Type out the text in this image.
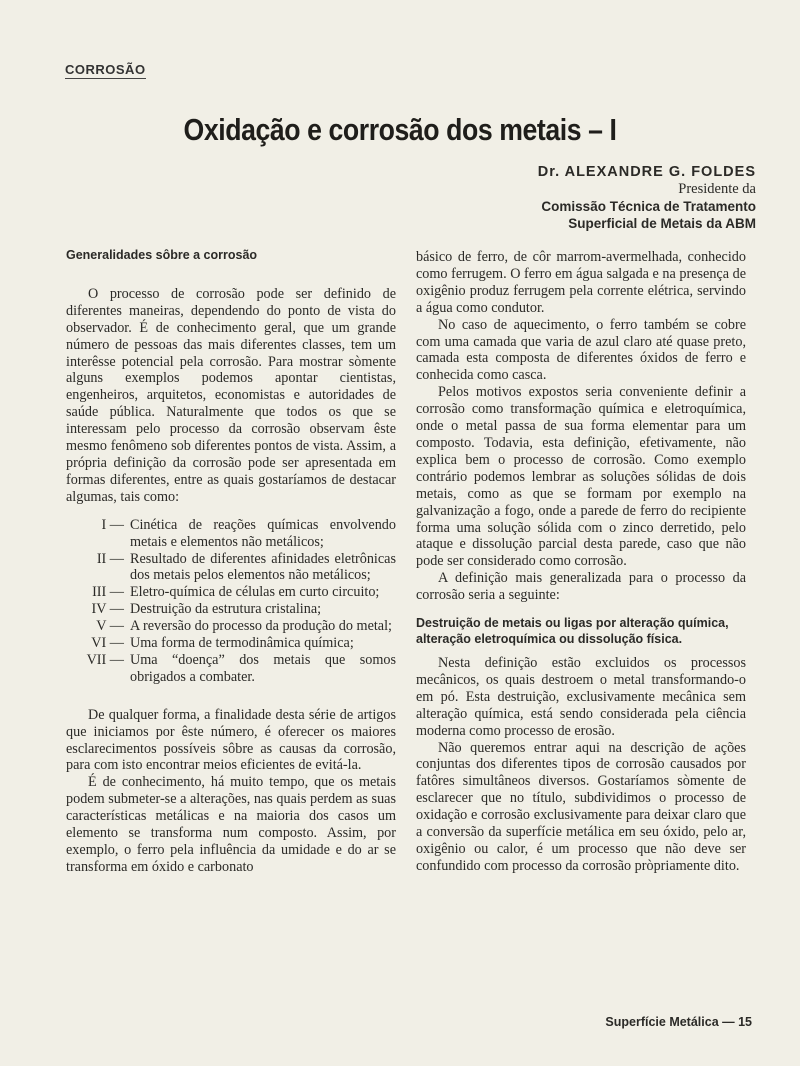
CORROSÃO
Oxidação e corrosão dos metais – I
Dr. ALEXANDRE G. FOLDES
Presidente da
Comissão Técnica de Tratamento
Superficial de Metais da ABM
Generalidades sôbre a corrosão

O processo de corrosão pode ser definido de diferentes maneiras, dependendo do ponto de vista do observador. É de conhecimento geral, que um grande número de pessoas das mais diferentes classes, tem um interêsse potencial pela corrosão. Para mostrar sòmente alguns exemplos podemos apontar cientistas, engenheiros, arquitetos, economistas e autoridades de saúde pública. Naturalmente que todos os que se interessam pelo processo da corrosão observam êste mesmo fenômeno sob diferentes pontos de vista. Assim, a própria definição da corrosão pode ser apresentada em formas diferentes, entre as quais gostaríamos de destacar algumas, tais como:

I — Cinética de reações químicas envolvendo metais e elementos não metálicos;
II — Resultado de diferentes afinidades eletrônicas dos metais pelos elementos não metálicos;
III — Eletro-química de células em curto circuito;
IV — Destruição da estrutura cristalina;
V — A reversão do processo da produção do metal;
VI — Uma forma de termodinâmica química;
VII — Uma “doença” dos metais que somos obrigados a combater.

De qualquer forma, a finalidade desta série de artigos que iniciamos por êste número, é oferecer os maiores esclarecimentos possíveis sôbre as causas da corrosão, para com isto encontrar meios eficientes de evitá-la.

É de conhecimento, há muito tempo, que os metais podem submeter-se a alterações, nas quais perdem as suas características metálicas e na maioria dos casos um elemento se transforma num composto. Assim, por exemplo, o ferro pela influência da umidade e do ar se transforma em óxido e carbonato

básico de ferro, de côr marrom-avermelhada, conhecido como ferrugem. O ferro em água salgada e na presença de oxigênio produz ferrugem pela corrente elétrica, servindo a água como condutor.

No caso de aquecimento, o ferro também se cobre com uma camada que varia de azul claro até quase preto, camada esta composta de diferentes óxidos de ferro e conhecida como casca.

Pelos motivos expostos seria conveniente definir a corrosão como transformação química e eletroquímica, onde o metal passa de sua forma elementar para um composto. Todavia, esta definição, efetivamente, não explica bem o processo de corrosão. Como exemplo contrário podemos lembrar as soluções sólidas de dois metais, como as que se formam por exemplo na galvanização a fogo, onde a parede de ferro do recipiente forma uma solução sólida com o zinco derretido, pelo ataque e dissolução parcial desta parede, caso que não pode ser considerado como corrosão.

A definição mais generalizada para o processo da corrosão seria a seguinte:

Destruição de metais ou ligas por alteração química, alteração eletroquímica ou dissolução física.

Nesta definição estão excluidos os processos mecânicos, os quais destroem o metal transformando-o em pó. Esta destruição, exclusivamente mecânica sem alteração química, está sendo considerada pela ciência moderna como processo de erosão.

Não queremos entrar aqui na descrição de ações conjuntas dos diferentes tipos de corrosão causados por fatôres simultâneos diversos. Gostaríamos sòmente de esclarecer que no título, subdividimos o processo de oxidação e corrosão exclusivamente para deixar claro que a conversão da superfície metálica em seu óxido, pelo ar, oxigênio ou calor, é um processo que não deve ser confundido com processo da corrosão pròpriamente dito.

Superfície Metálica — 15
